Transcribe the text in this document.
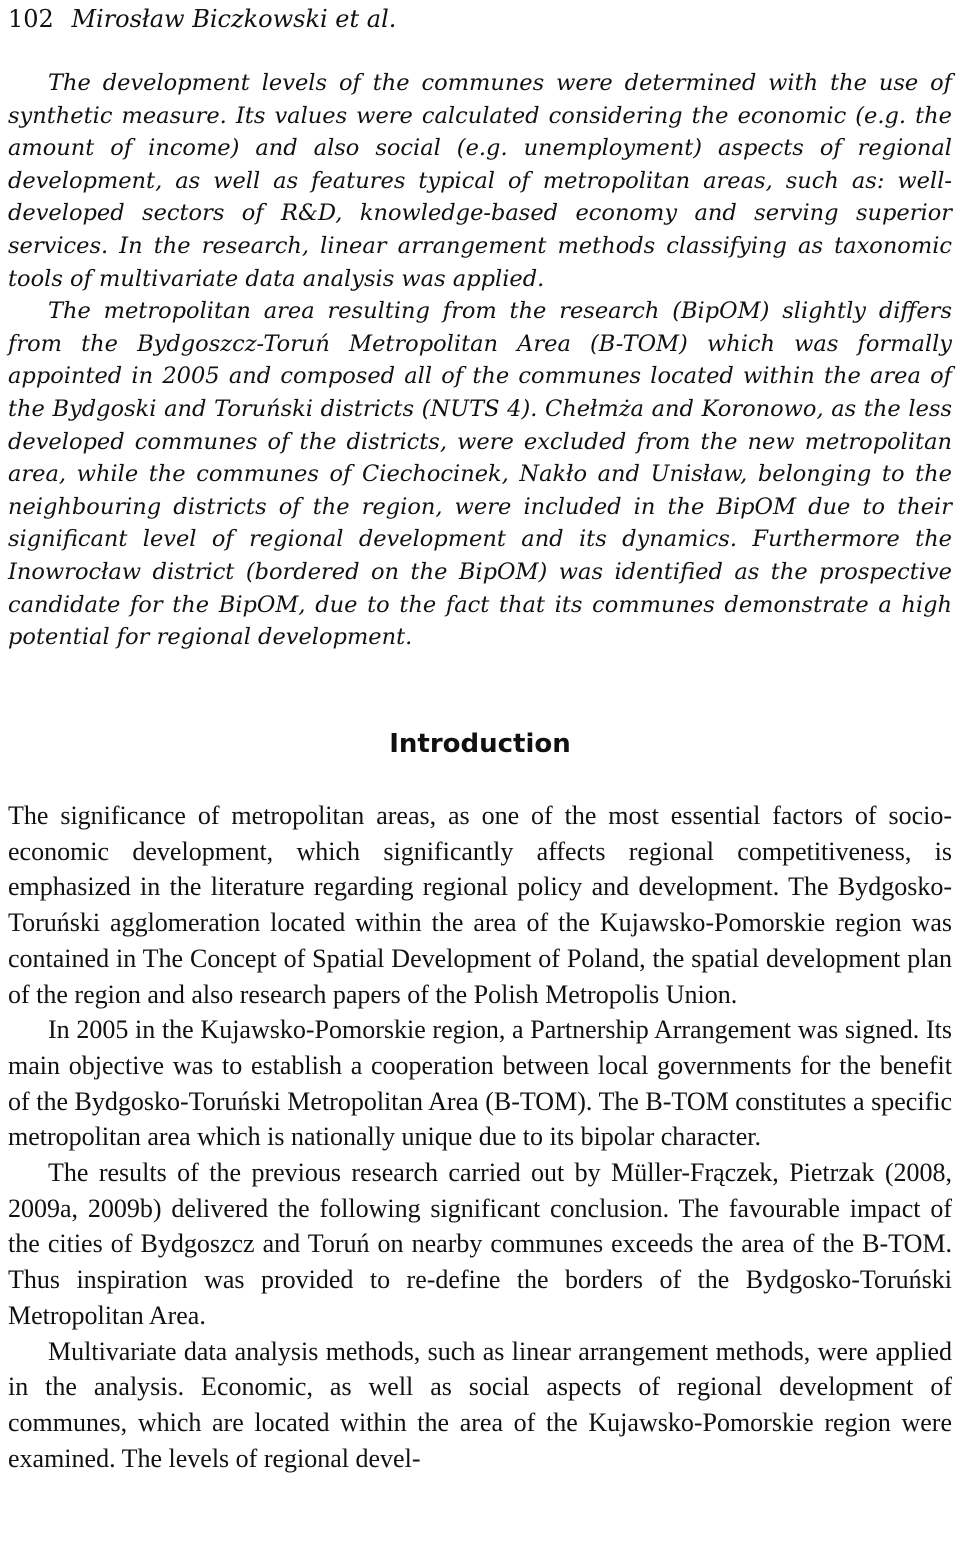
102 Mirosław Biczkowski et al.

The development levels of the communes were determined with the use of synthetic measure. Its values were calculated considering the economic (e.g. the amount of income) and also social (e.g. unemployment) aspects of regional development, as well as features typical of metropolitan areas, such as: well-developed sectors of R&D, knowledge-based economy and serving superior services. In the research, linear arrangement methods classifying as taxonomic tools of multivariate data analysis was applied.

The metropolitan area resulting from the research (BipOM) slightly differs from the Bydgoszcz-Toruń Metropolitan Area (B-TOM) which was formally appointed in 2005 and composed all of the communes located within the area of the Bydgoski and Toruński districts (NUTS 4). Chełmża and Koronowo, as the less developed communes of the districts, were excluded from the new metropolitan area, while the communes of Ciechocinek, Nakło and Unisław, belonging to the neighbouring districts of the region, were included in the BipOM due to their significant level of regional development and its dynamics. Furthermore the Inowrocław district (bordered on the BipOM) was identified as the prospective candidate for the BipOM, due to the fact that its communes demonstrate a high potential for regional development.

Introduction

The significance of metropolitan areas, as one of the most essential factors of socio-economic development, which significantly affects regional competitiveness, is emphasized in the literature regarding regional policy and development. The Bydgosko-Toruński agglomeration located within the area of the Kujawsko-Pomorskie region was contained in The Concept of Spatial Development of Poland, the spatial development plan of the region and also research papers of the Polish Metropolis Union.

In 2005 in the Kujawsko-Pomorskie region, a Partnership Arrangement was signed. Its main objective was to establish a cooperation between local governments for the benefit of the Bydgosko-Toruński Metropolitan Area (B-TOM). The B-TOM constitutes a specific metropolitan area which is nationally unique due to its bipolar character.

The results of the previous research carried out by Müller-Frączek, Pietrzak (2008, 2009a, 2009b) delivered the following significant conclusion. The favourable impact of the cities of Bydgoszcz and Toruń on nearby communes exceeds the area of the B-TOM. Thus inspiration was provided to re-define the borders of the Bydgosko-Toruński Metropolitan Area.

Multivariate data analysis methods, such as linear arrangement methods, were applied in the analysis. Economic, as well as social aspects of regional development of communes, which are located within the area of the Kujawsko-Pomorskie region were examined. The levels of regional devel-
